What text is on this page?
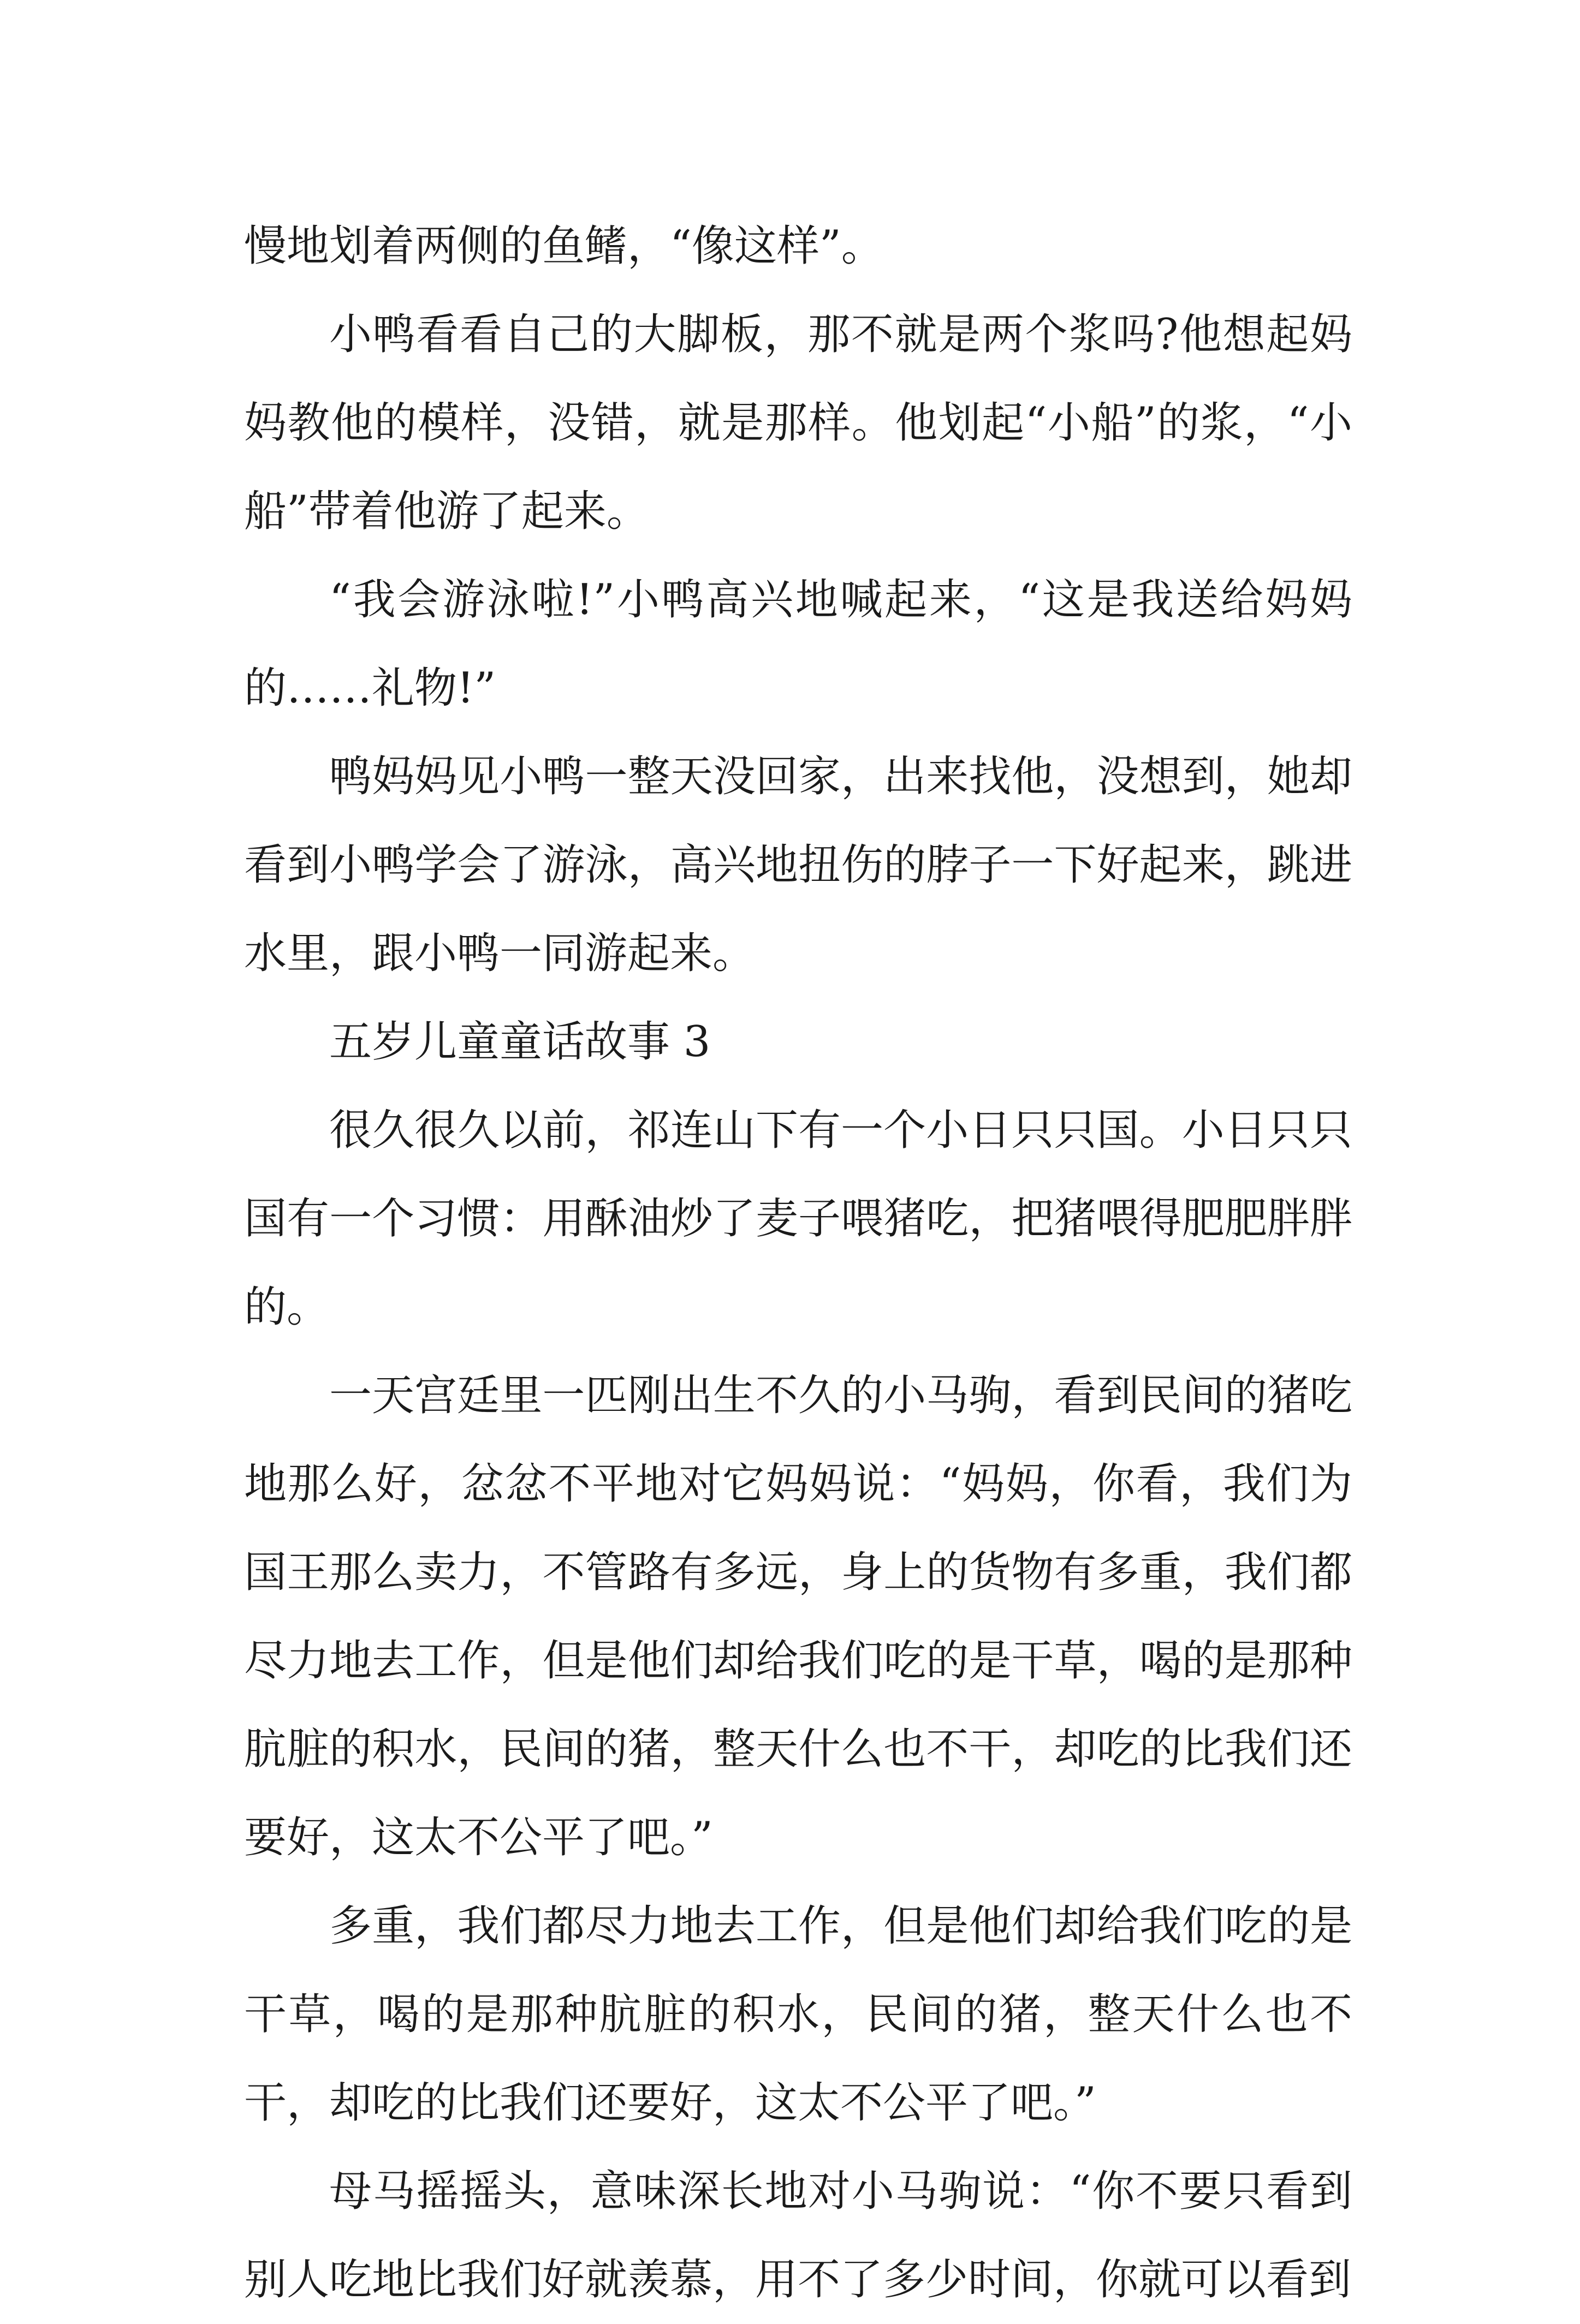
慢地划着两侧的鱼鳍，“像这样”。

小鸭看看自己的大脚板，那不就是两个浆吗?他想起妈妈教他的模样，没错，就是那样。他划起“小船”的浆，“小船”带着他游了起来。

“我会游泳啦!”小鸭高兴地喊起来，“这是我送给妈妈的……礼物!”

鸭妈妈见小鸭一整天没回家，出来找他，没想到，她却看到小鸭学会了游泳，高兴地扭伤的脖子一下好起来，跳进水里，跟小鸭一同游起来。

五岁儿童童话故事 3

很久很久以前，祁连山下有一个小日只只国。小日只只国有一个习惯：用酥油炒了麦子喂猪吃，把猪喂得肥肥胖胖的。

一天宫廷里一匹刚出生不久的小马驹，看到民间的猪吃地那么好，忿忿不平地对它妈妈说：“妈妈，你看，我们为国王那么卖力，不管路有多远，身上的货物有多重，我们都尽力地去工作，但是他们却给我们吃的是干草，喝的是那种肮脏的积水，民间的猪，整天什么也不干，却吃的比我们还要好，这太不公平了吧。”

多重，我们都尽力地去工作，但是他们却给我们吃的是干草，喝的是那种肮脏的积水，民间的猪，整天什么也不干，却吃的比我们还要好，这太不公平了吧。”

母马摇摇头，意味深长地对小马驹说：“你不要只看到别人吃地比我们好就羡慕，用不了多少时间，你就可以看到
